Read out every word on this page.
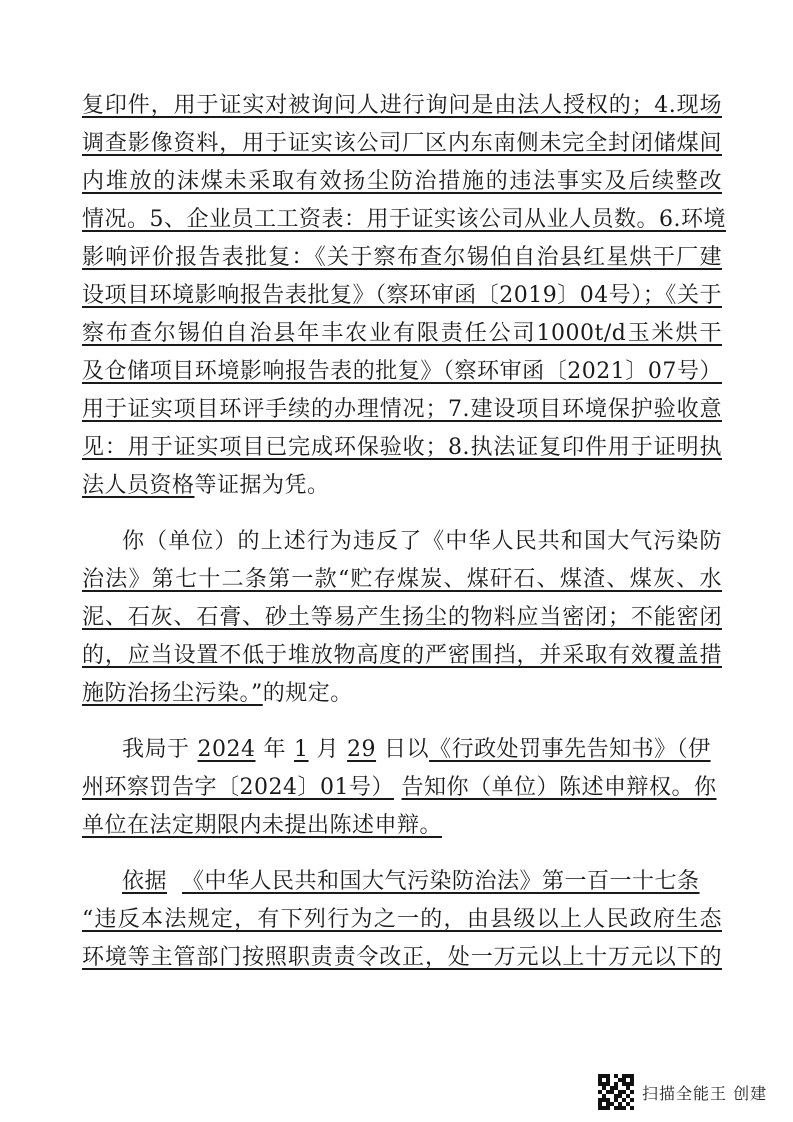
复印件，用于证实对被询问人进行询问是由法人授权的；4.现场
调查影像资料，用于证实该公司厂区内东南侧未完全封闭储煤间
内堆放的沫煤未采取有效扬尘防治措施的违法事实及后续整改
情况。5、企业员工工资表：用于证实该公司从业人员数。6.环境
影响评价报告表批复：《关于察布查尔锡伯自治县红星烘干厂建
设项目环境影响报告表批复》（察环审函〔2019〕04号）；《关于
察布查尔锡伯自治县年丰农业有限责任公司1000t/d玉米烘干
及仓储项目环境影响报告表的批复》（察环审函〔2021〕07号）
用于证实项目环评手续的办理情况；7.建设项目环境保护验收意
见：用于证实项目已完成环保验收；8.执法证复印件用于证明执
法人员资格等证据为凭。
你（单位）的上述行为违反了《中华人民共和国大气污染防
治法》第七十二条第一款“贮存煤炭、煤矸石、煤渣、煤灰、水
泥、石灰、石膏、砂土等易产生扬尘的物料应当密闭；不能密闭
的，应当设置不低于堆放物高度的严密围挡，并采取有效覆盖措
施防治扬尘污染。”的规定。
我局于 2024 年 1 月 29 日以《行政处罚事先告知书》（伊
州环察罚告字〔2024〕01号） 告知你（单位）陈述申辩权。你
单位在法定期限内未提出陈述申辩。
依据 《中华人民共和国大气污染防治法》第一百一十七条
“违反本法规定，有下列行为之一的，由县级以上人民政府生态
环境等主管部门按照职责责令改正，处一万元以上十万元以下的
扫描全能王 创建
